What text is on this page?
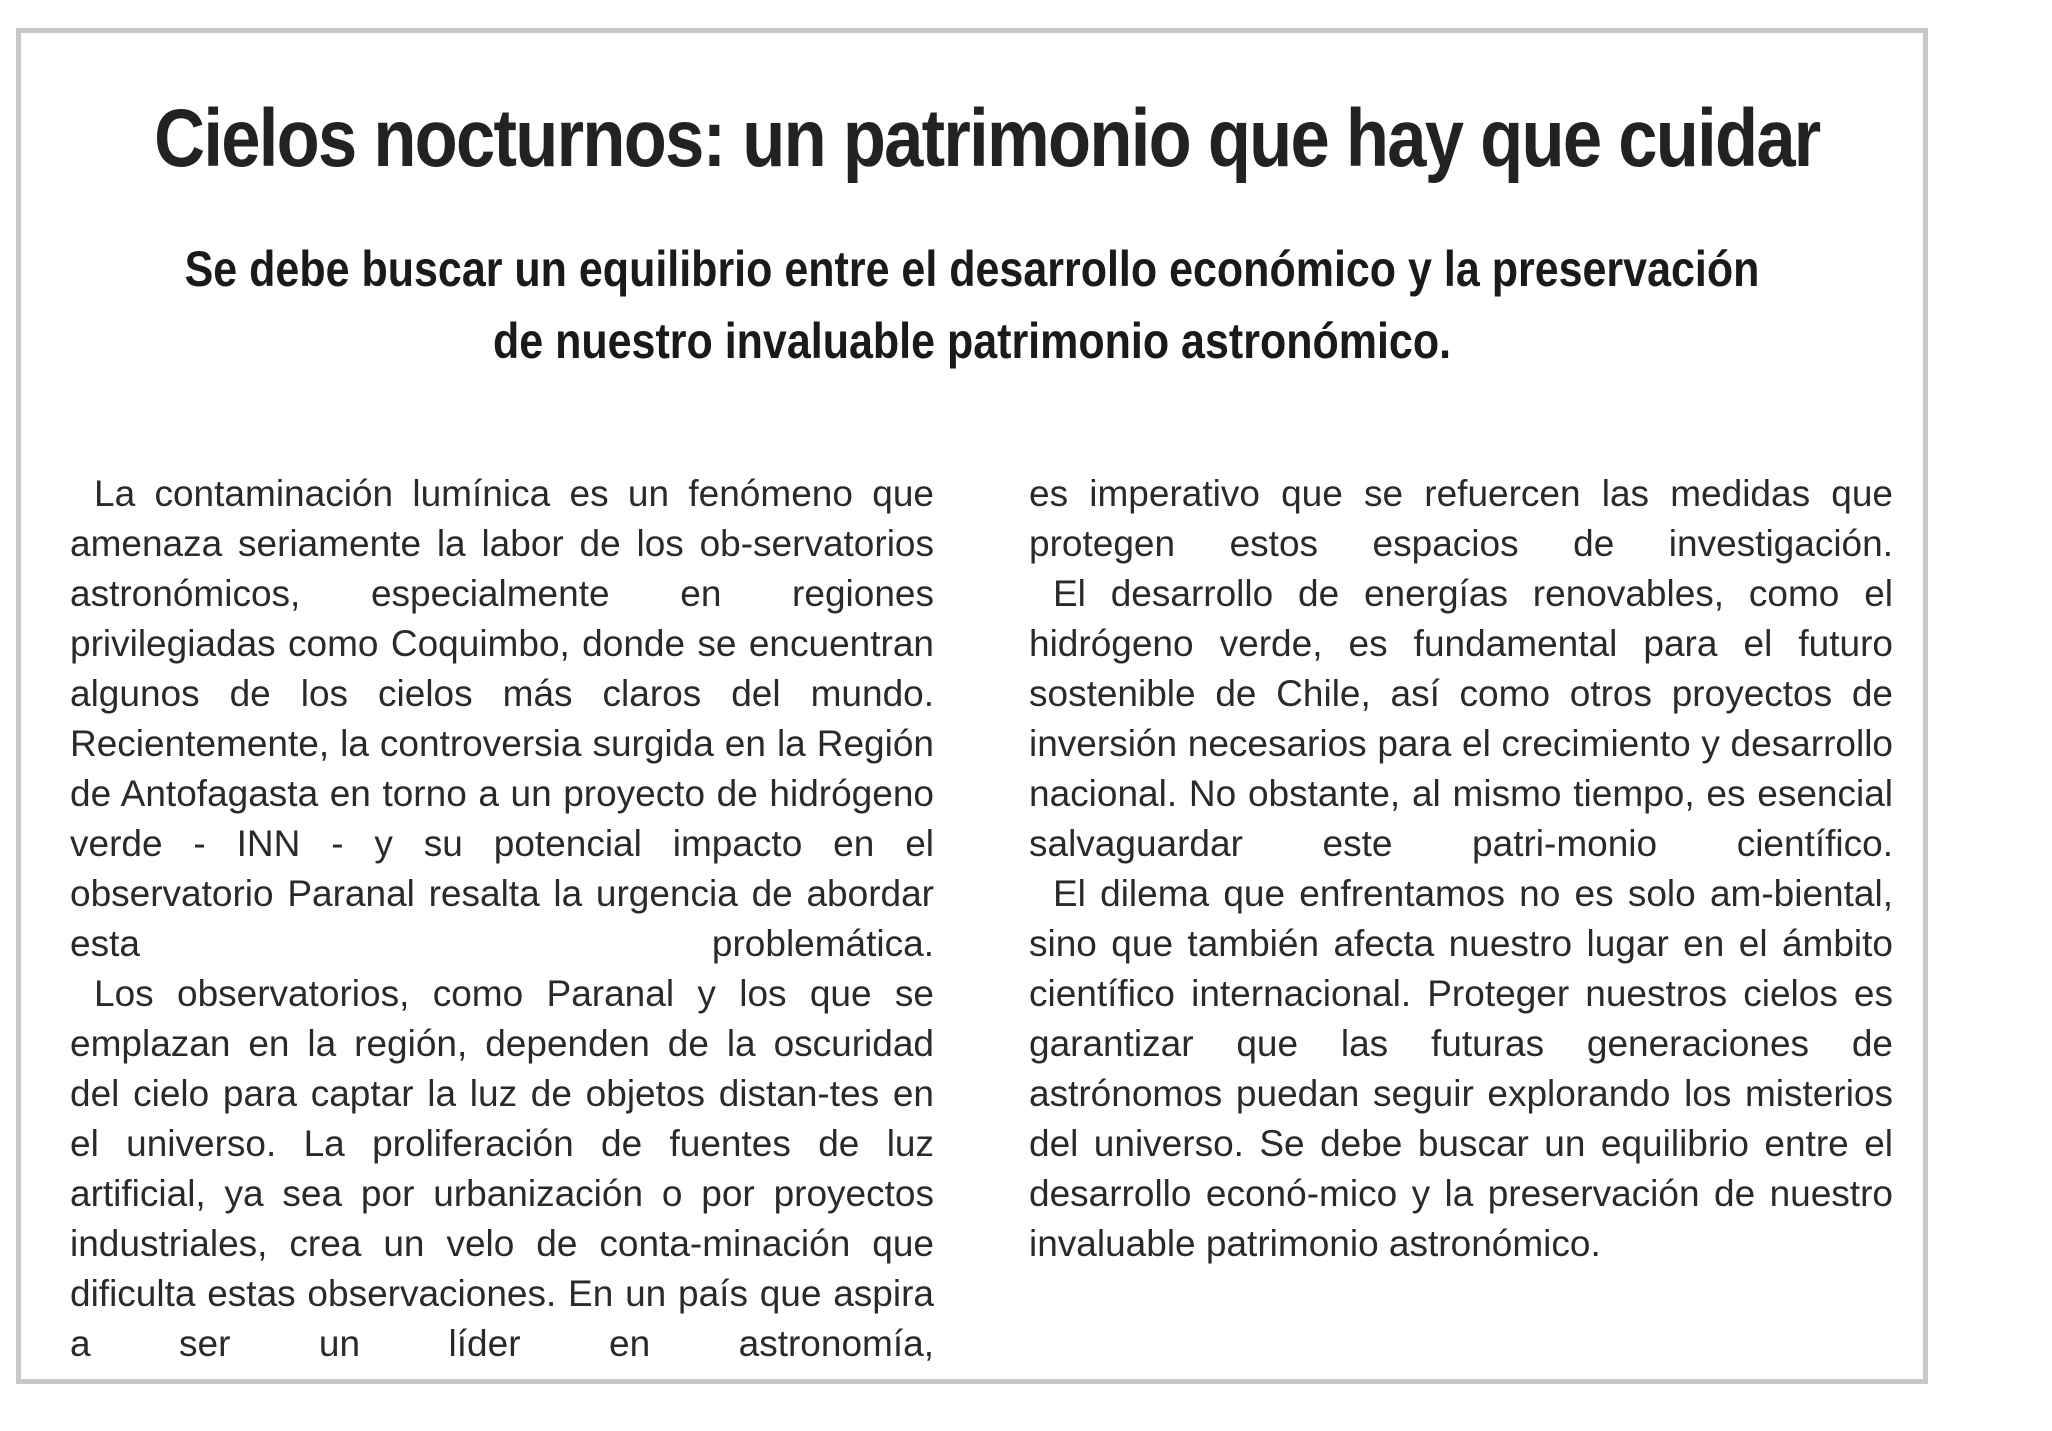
Cielos nocturnos: un patrimonio que hay que cuidar
Se debe buscar un equilibrio entre el desarrollo económico y la preservación
de nuestro invaluable patrimonio astronómico.

La contaminación lumínica es un fenómeno que amenaza seriamente la labor de los ob-servatorios astronómicos, especialmente en regiones privilegiadas como Coquimbo, donde se encuentran algunos de los cielos más claros del mundo. Recientemente, la controversia surgida en la Región de Antofagasta en torno a un proyecto de hidrógeno verde - INN - y su potencial impacto en el observatorio Paranal resalta la urgencia de abordar esta problemática.

Los observatorios, como Paranal y los que se emplazan en la región, dependen de la oscuridad del cielo para captar la luz de objetos distan-tes en el universo. La proliferación de fuentes de luz artificial, ya sea por urbanización o por proyectos industriales, crea un velo de conta-minación que dificulta estas observaciones. En un país que aspira a ser un líder en astronomía,

es imperativo que se refuercen las medidas que protegen estos espacios de investigación.

El desarrollo de energías renovables, como el hidrógeno verde, es fundamental para el futuro sostenible de Chile, así como otros proyectos de inversión necesarios para el crecimiento y desarrollo nacional. No obstante, al mismo tiempo, es esencial salvaguardar este patri-monio científico.

El dilema que enfrentamos no es solo am-biental, sino que también afecta nuestro lugar en el ámbito científico internacional. Proteger nuestros cielos es garantizar que las futuras generaciones de astrónomos puedan seguir explorando los misterios del universo. Se debe buscar un equilibrio entre el desarrollo econó-mico y la preservación de nuestro invaluable patrimonio astronómico.
